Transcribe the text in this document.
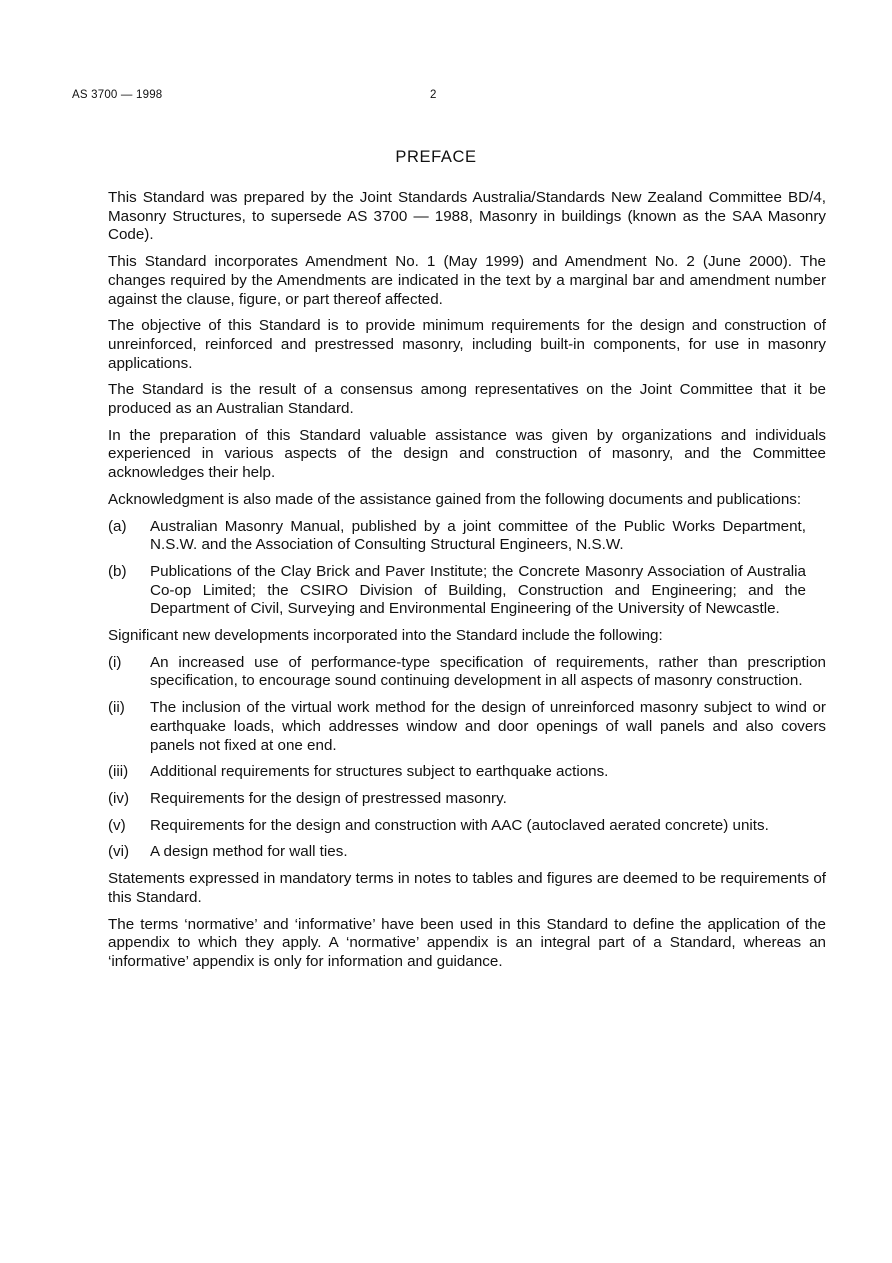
AS 3700 — 1998	2
PREFACE

This Standard was prepared by the Joint Standards Australia/Standards New Zealand Committee BD/4, Masonry Structures, to supersede AS 3700 — 1988, Masonry in buildings (known as the SAA Masonry Code).

This Standard incorporates Amendment No. 1 (May 1999) and Amendment No. 2 (June 2000). The changes required by the Amendments are indicated in the text by a marginal bar and amendment number against the clause, figure, or part thereof affected.

The objective of this Standard is to provide minimum requirements for the design and construction of unreinforced, reinforced and prestressed masonry, including built-in components, for use in masonry applications.

The Standard is the result of a consensus among representatives on the Joint Committee that it be produced as an Australian Standard.

In the preparation of this Standard valuable assistance was given by organizations and individuals experienced in various aspects of the design and construction of masonry, and the Committee acknowledges their help.

Acknowledgment is also made of the assistance gained from the following documents and publications:

(a)	Australian Masonry Manual, published by a joint committee of the Public Works Department, N.S.W. and the Association of Consulting Structural Engineers, N.S.W.
(b)	Publications of the Clay Brick and Paver Institute; the Concrete Masonry Association of Australia Co-op Limited; the CSIRO Division of Building, Construction and Engineering; and the Department of Civil, Surveying and Environmental Engineering of the University of Newcastle.

Significant new developments incorporated into the Standard include the following:

(i)	An increased use of performance-type specification of requirements, rather than prescription specification, to encourage sound continuing development in all aspects of masonry construction.
(ii)	The inclusion of the virtual work method for the design of unreinforced masonry subject to wind or earthquake loads, which addresses window and door openings of wall panels and also covers panels not fixed at one end.
(iii)	Additional requirements for structures subject to earthquake actions.
(iv)	Requirements for the design of prestressed masonry.
(v)	Requirements for the design and construction with AAC (autoclaved aerated concrete) units.
(vi)	A design method for wall ties.

Statements expressed in mandatory terms in notes to tables and figures are deemed to be requirements of this Standard.

The terms ‘normative’ and ‘informative’ have been used in this Standard to define the application of the appendix to which they apply. A ‘normative’ appendix is an integral part of a Standard, whereas an ‘informative’ appendix is only for information and guidance.
